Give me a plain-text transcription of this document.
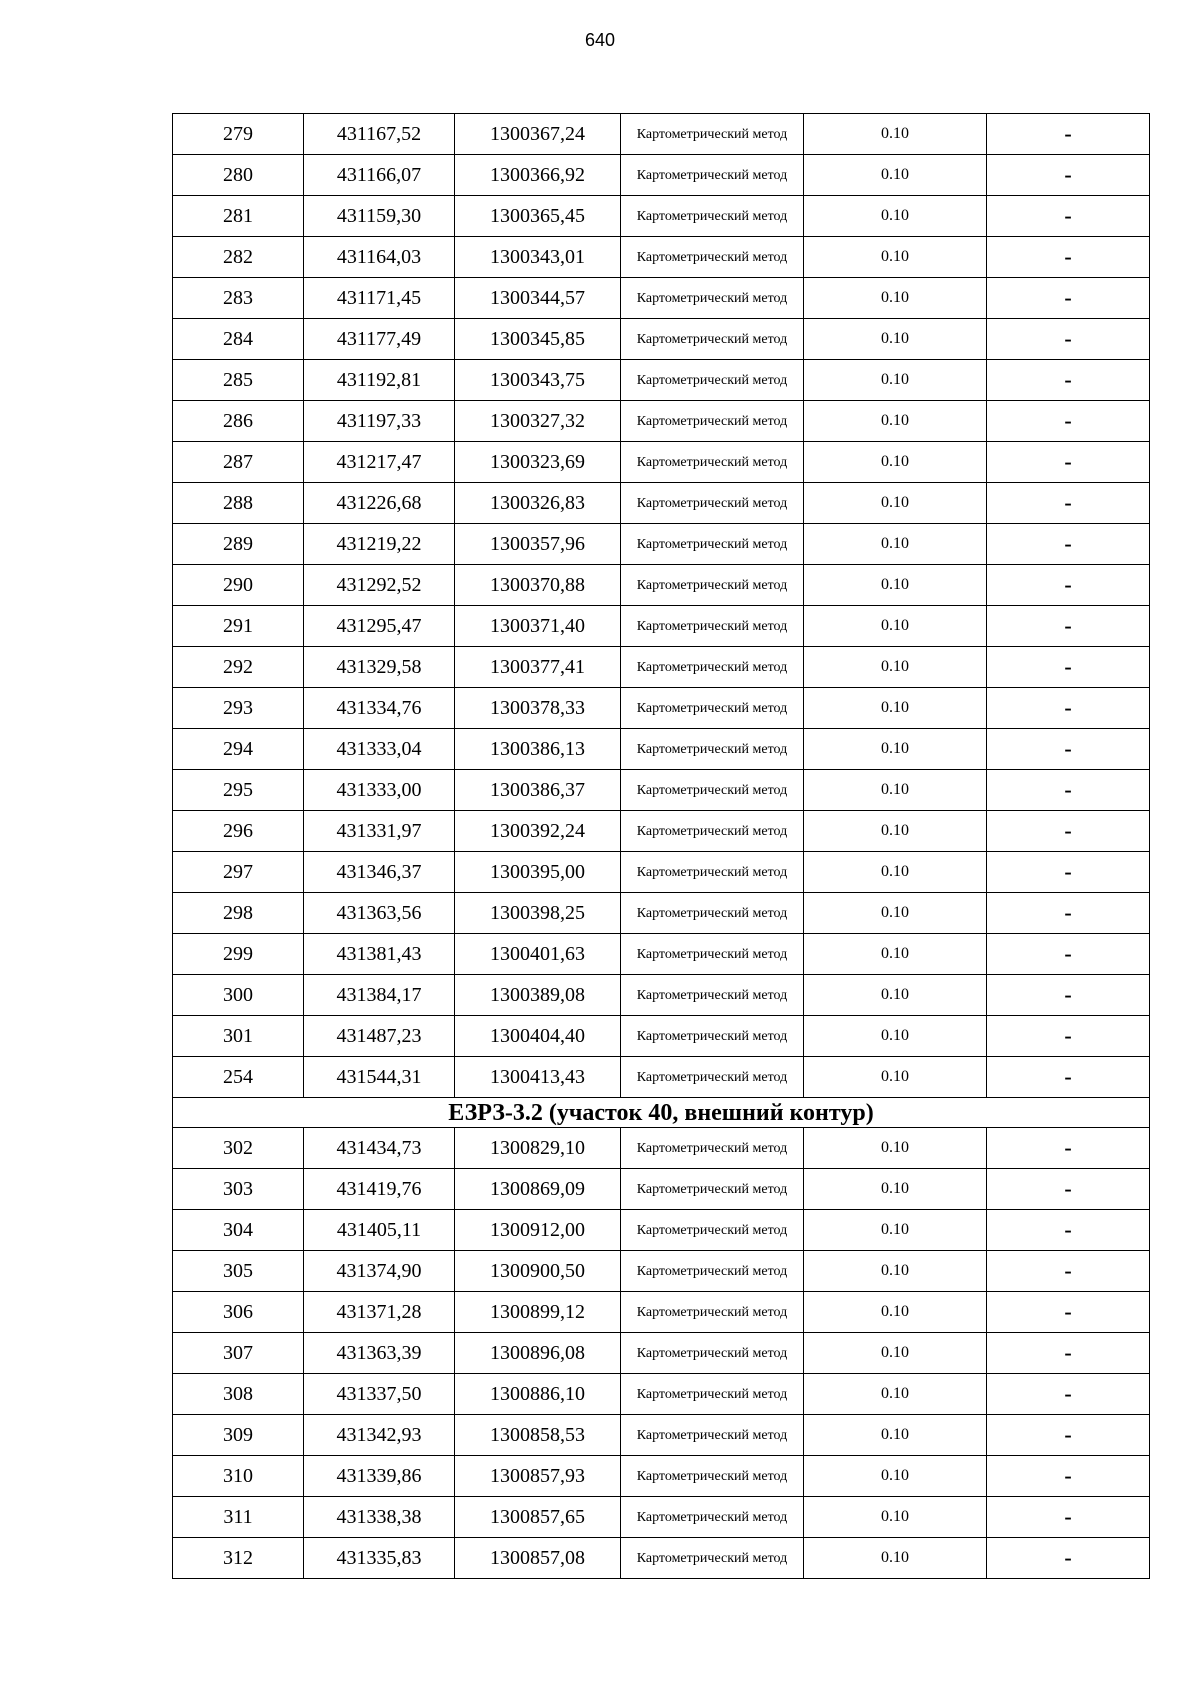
640
279	431167,52	1300367,24	Картометрический метод	0.10	-
280	431166,07	1300366,92	Картометрический метод	0.10	-
281	431159,30	1300365,45	Картометрический метод	0.10	-
282	431164,03	1300343,01	Картометрический метод	0.10	-
283	431171,45	1300344,57	Картометрический метод	0.10	-
284	431177,49	1300345,85	Картометрический метод	0.10	-
285	431192,81	1300343,75	Картометрический метод	0.10	-
286	431197,33	1300327,32	Картометрический метод	0.10	-
287	431217,47	1300323,69	Картометрический метод	0.10	-
288	431226,68	1300326,83	Картометрический метод	0.10	-
289	431219,22	1300357,96	Картометрический метод	0.10	-
290	431292,52	1300370,88	Картометрический метод	0.10	-
291	431295,47	1300371,40	Картометрический метод	0.10	-
292	431329,58	1300377,41	Картометрический метод	0.10	-
293	431334,76	1300378,33	Картометрический метод	0.10	-
294	431333,04	1300386,13	Картометрический метод	0.10	-
295	431333,00	1300386,37	Картометрический метод	0.10	-
296	431331,97	1300392,24	Картометрический метод	0.10	-
297	431346,37	1300395,00	Картометрический метод	0.10	-
298	431363,56	1300398,25	Картометрический метод	0.10	-
299	431381,43	1300401,63	Картометрический метод	0.10	-
300	431384,17	1300389,08	Картометрический метод	0.10	-
301	431487,23	1300404,40	Картометрический метод	0.10	-
254	431544,31	1300413,43	Картометрический метод	0.10	-
ЕЗРЗ-3.2 (участок 40, внешний контур)					
302	431434,73	1300829,10	Картометрический метод	0.10	-
303	431419,76	1300869,09	Картометрический метод	0.10	-
304	431405,11	1300912,00	Картометрический метод	0.10	-
305	431374,90	1300900,50	Картометрический метод	0.10	-
306	431371,28	1300899,12	Картометрический метод	0.10	-
307	431363,39	1300896,08	Картометрический метод	0.10	-
308	431337,50	1300886,10	Картометрический метод	0.10	-
309	431342,93	1300858,53	Картометрический метод	0.10	-
310	431339,86	1300857,93	Картометрический метод	0.10	-
311	431338,38	1300857,65	Картометрический метод	0.10	-
312	431335,83	1300857,08	Картометрический метод	0.10	-
